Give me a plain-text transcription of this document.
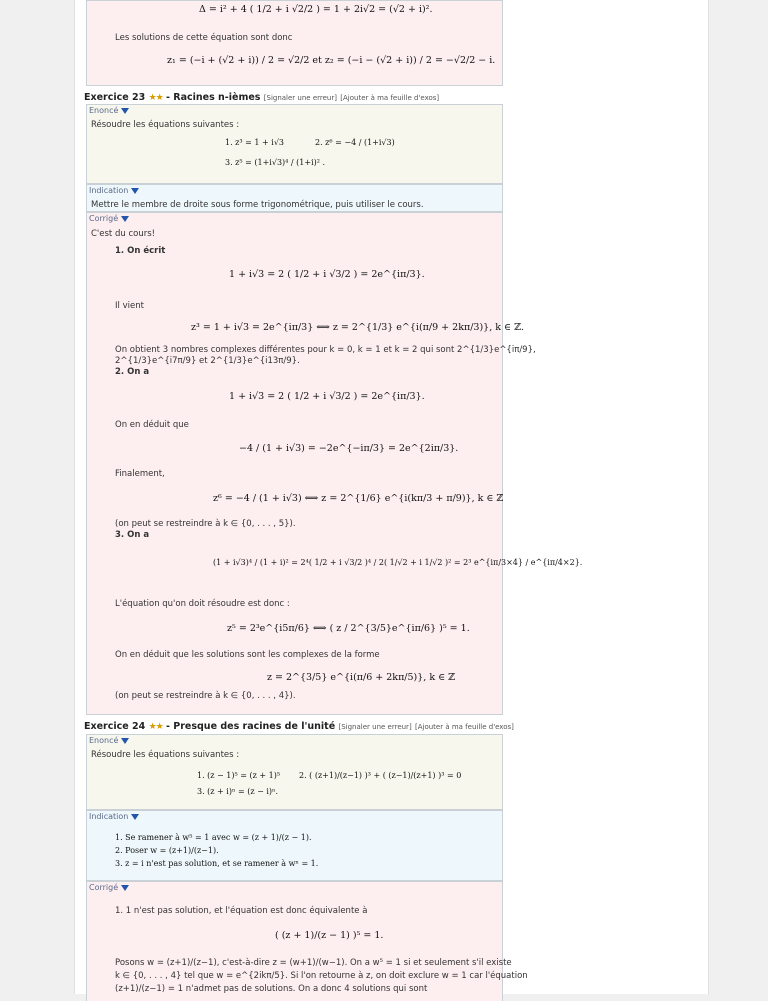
Δ = i² + 4 ( 1/2 + i √2/2 ) = 1 + 2i√2 = (√2 + i)².
Les solutions de cette équation sont donc
z₁ = (−i + (√2 + i)) / 2 = √2/2 et z₂ = (−i − (√2 + i)) / 2 = −√2/2 − i.
Exercice 23 ★★ - Racines n-ièmes [Signaler une erreur] [Ajouter à ma feuille d'exos]
Enoncé
Résoudre les équations suivantes :
1. z³ = 1 + i√3	2. z⁶ = −4 / (1+i√3)
3. z⁵ = (1+i√3)⁴ / (1+i)² .
Indication
Mettre le membre de droite sous forme trigonométrique, puis utiliser le cours.
Corrigé
C'est du cours!
1. On écrit
1 + i√3 = 2 ( 1/2 + i √3/2 ) = 2e^{iπ/3}.
Il vient
z³ = 1 + i√3 = 2e^{iπ/3} ⟺ z = 2^{1/3} e^{i(π/9 + 2kπ/3)}, k ∈ ℤ.
On obtient 3 nombres complexes différentes pour k = 0, k = 1 et k = 2 qui sont 2^{1/3}e^{iπ/9},
2^{1/3}e^{i7π/9} et 2^{1/3}e^{i13π/9}.
2. On a
1 + i√3 = 2 ( 1/2 + i √3/2 ) = 2e^{iπ/3}.
On en déduit que
−4 / (1 + i√3) = −2e^{−iπ/3} = 2e^{2iπ/3}.
Finalement,
z⁶ = −4 / (1 + i√3) ⟺ z = 2^{1/6} e^{i(kπ/3 + π/9)}, k ∈ ℤ
(on peut se restreindre à k ∈ {0, . . . , 5}).
3. On a
(1 + i√3)⁴ / (1 + i)² = 2⁴( 1/2 + i √3/2 )⁴ / 2( 1/√2 + i 1/√2 )² = 2³ e^{iπ/3×4} / e^{iπ/4×2}.
L'équation qu'on doit résoudre est donc :
z⁵ = 2³e^{i5π/6} ⟺ ( z / 2^{3/5}e^{iπ/6} )⁵ = 1.
On en déduit que les solutions sont les complexes de la forme
z = 2^{3/5} e^{i(π/6 + 2kπ/5)}, k ∈ ℤ
(on peut se restreindre à k ∈ {0, . . . , 4}).
Exercice 24 ★★ - Presque des racines de l'unité [Signaler une erreur] [Ajouter à ma feuille d'exos]
Enoncé
Résoudre les équations suivantes :
1. (z − 1)⁵ = (z + 1)⁵ 2. ( (z+1)/(z−1) )³ + ( (z−1)/(z+1) )³ = 0
3. (z + i)ⁿ = (z − i)ⁿ.
Indication
1. Se ramener à w⁵ = 1 avec w = (z + 1)/(z − 1).
2. Poser w = (z+1)/(z−1).
3. z = i n'est pas solution, et se ramener à wⁿ = 1.
Corrigé
1. 1 n'est pas solution, et l'équation est donc équivalente à
( (z + 1)/(z − 1) )⁵ = 1.
Posons w = (z+1)/(z−1), c'est-à-dire z = (w+1)/(w−1). On a w⁵ = 1 si et seulement s'il existe
k ∈ {0, . . . , 4} tel que w = e^{2ikπ/5}. Si l'on retourne à z, on doit exclure w = 1 car l'équation
(z+1)/(z−1) = 1 n'admet pas de solutions. On a donc 4 solutions qui sont
